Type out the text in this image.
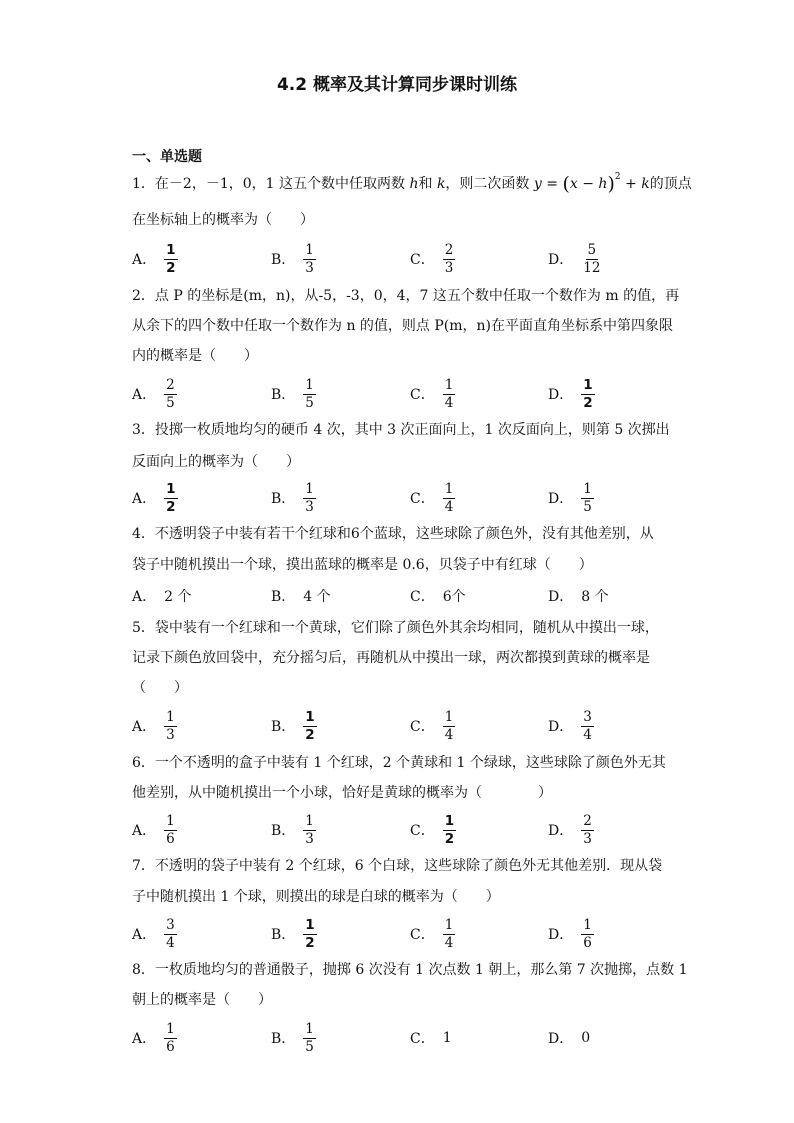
4.2 概率及其计算同步课时训练
一、单选题
1．在－2，－1，0，1 这五个数中任取两数 h和 k，则二次函数 $y = (x - h)^2 + k$的顶点
在坐标轴上的概率为（　　）
A． $\frac{1}{2}$	B． $\frac{1}{3}$	C． $\frac{2}{3}$	D． $\frac{5}{12}$
2．点 P 的坐标是(m，n)，从-5，-3，0，4，7 这五个数中任取一个数作为 m 的值，再
从余下的四个数中任取一个数作为 n 的值，则点 P(m，n)在平面直角坐标系中第四象限
内的概率是（　　）
A． $\frac{2}{5}$	B． $\frac{1}{5}$	C． $\frac{1}{4}$	D． $\frac{1}{2}$
3．投掷一枚质地均匀的硬币 4 次，其中 3 次正面向上，1 次反面向上，则第 5 次掷出
反面向上的概率为（　　）
A． $\frac{1}{2}$	B． $\frac{1}{3}$	C． $\frac{1}{4}$	D． $\frac{1}{5}$
4．不透明袋子中装有若干个红球和6个蓝球，这些球除了颜色外，没有其他差别，从
袋子中随机摸出一个球，摸出蓝球的概率是 0.6，贝袋子中有红球（　　）
A． 2 个	B． 4 个	C． 6个	D． 8 个
5．袋中装有一个红球和一个黄球，它们除了颜色外其余均相同，随机从中摸出一球，
记录下颜色放回袋中，充分摇匀后，再随机从中摸出一球，两次都摸到黄球的概率是
（　　）
A． $\frac{1}{3}$	B． $\frac{1}{2}$	C． $\frac{1}{4}$	D． $\frac{3}{4}$
6．一个不透明的盒子中装有 1 个红球，2 个黄球和 1 个绿球，这些球除了颜色外无其
他差别，从中随机摸出一个小球，恰好是黄球的概率为（　　　　）
A． $\frac{1}{6}$	B． $\frac{1}{3}$	C． $\frac{1}{2}$	D． $\frac{2}{3}$
7．不透明的袋子中装有 2 个红球，6 个白球，这些球除了颜色外无其他差别．现从袋
子中随机摸出 1 个球，则摸出的球是白球的概率为（　　）
A． $\frac{3}{4}$	B． $\frac{1}{2}$	C． $\frac{1}{4}$	D． $\frac{1}{6}$
8．一枚质地均匀的普通骰子，抛掷 6 次没有 1 次点数 1 朝上，那么第 7 次抛掷，点数 1
朝上的概率是（　　）
A． $\frac{1}{6}$	B． $\frac{1}{5}$	C． 1	D． 0
